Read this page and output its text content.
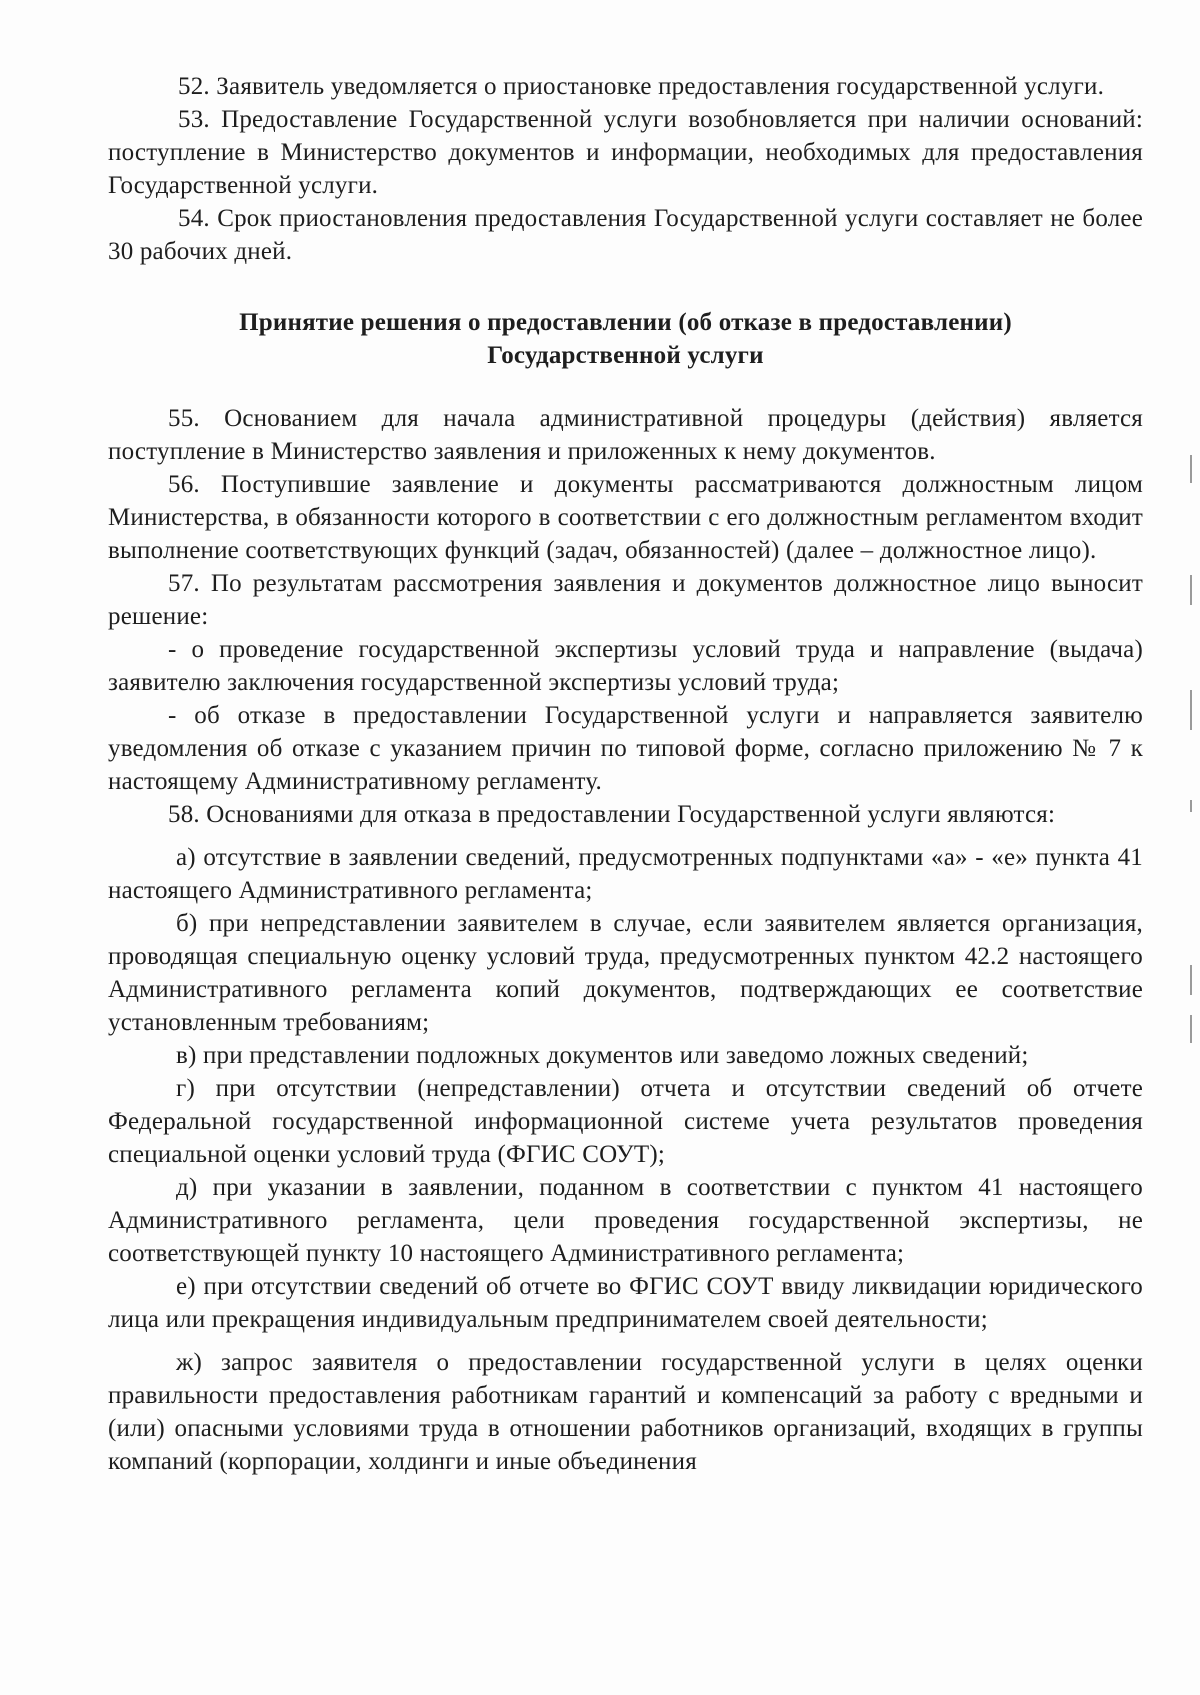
52. Заявитель уведомляется о приостановке предоставления государственной услуги.

53. Предоставление Государственной услуги возобновляется при наличии оснований: поступление в Министерство документов и информации, необходимых для предоставления Государственной услуги.

54. Срок приостановления предоставления Государственной услуги составляет не более 30 рабочих дней.

Принятие решения о предоставлении (об отказе в предоставлении)
Государственной услуги

55. Основанием для начала административной процедуры (действия) является поступление в Министерство заявления и приложенных к нему документов.

56. Поступившие заявление и документы рассматриваются должностным лицом Министерства, в обязанности которого в соответствии с его должностным регламентом входит выполнение соответствующих функций (задач, обязанностей) (далее – должностное лицо).

57. По результатам рассмотрения заявления и документов должностное лицо выносит решение:

- о проведение государственной экспертизы условий труда и направление (выдача) заявителю заключения государственной экспертизы условий труда;

- об отказе в предоставлении Государственной услуги и направляется заявителю уведомления об отказе с указанием причин по типовой форме, согласно приложению № 7 к настоящему Административному регламенту.

58. Основаниями для отказа в предоставлении Государственной услуги являются:

а) отсутствие в заявлении сведений, предусмотренных подпунктами «а» - «е» пункта 41 настоящего Административного регламента;

б) при непредставлении заявителем в случае, если заявителем является организация, проводящая специальную оценку условий труда, предусмотренных пунктом 42.2 настоящего Административного регламента копий документов, подтверждающих ее соответствие установленным требованиям;

в) при представлении подложных документов или заведомо ложных сведений;

г) при отсутствии (непредставлении) отчета и отсутствии сведений об отчете Федеральной государственной информационной системе учета результатов проведения специальной оценки условий труда (ФГИС СОУТ);

д) при указании в заявлении, поданном в соответствии с пунктом 41 настоящего Административного регламента, цели проведения государственной экспертизы, не соответствующей пункту 10 настоящего Административного регламента;

е) при отсутствии сведений об отчете во ФГИС СОУТ ввиду ликвидации юридического лица или прекращения индивидуальным предпринимателем своей деятельности;

ж) запрос заявителя о предоставлении государственной услуги в целях оценки правильности предоставления работникам гарантий и компенсаций за работу с вредными и (или) опасными условиями труда в отношении работников организаций, входящих в группы компаний (корпорации, холдинги и иные объединения
